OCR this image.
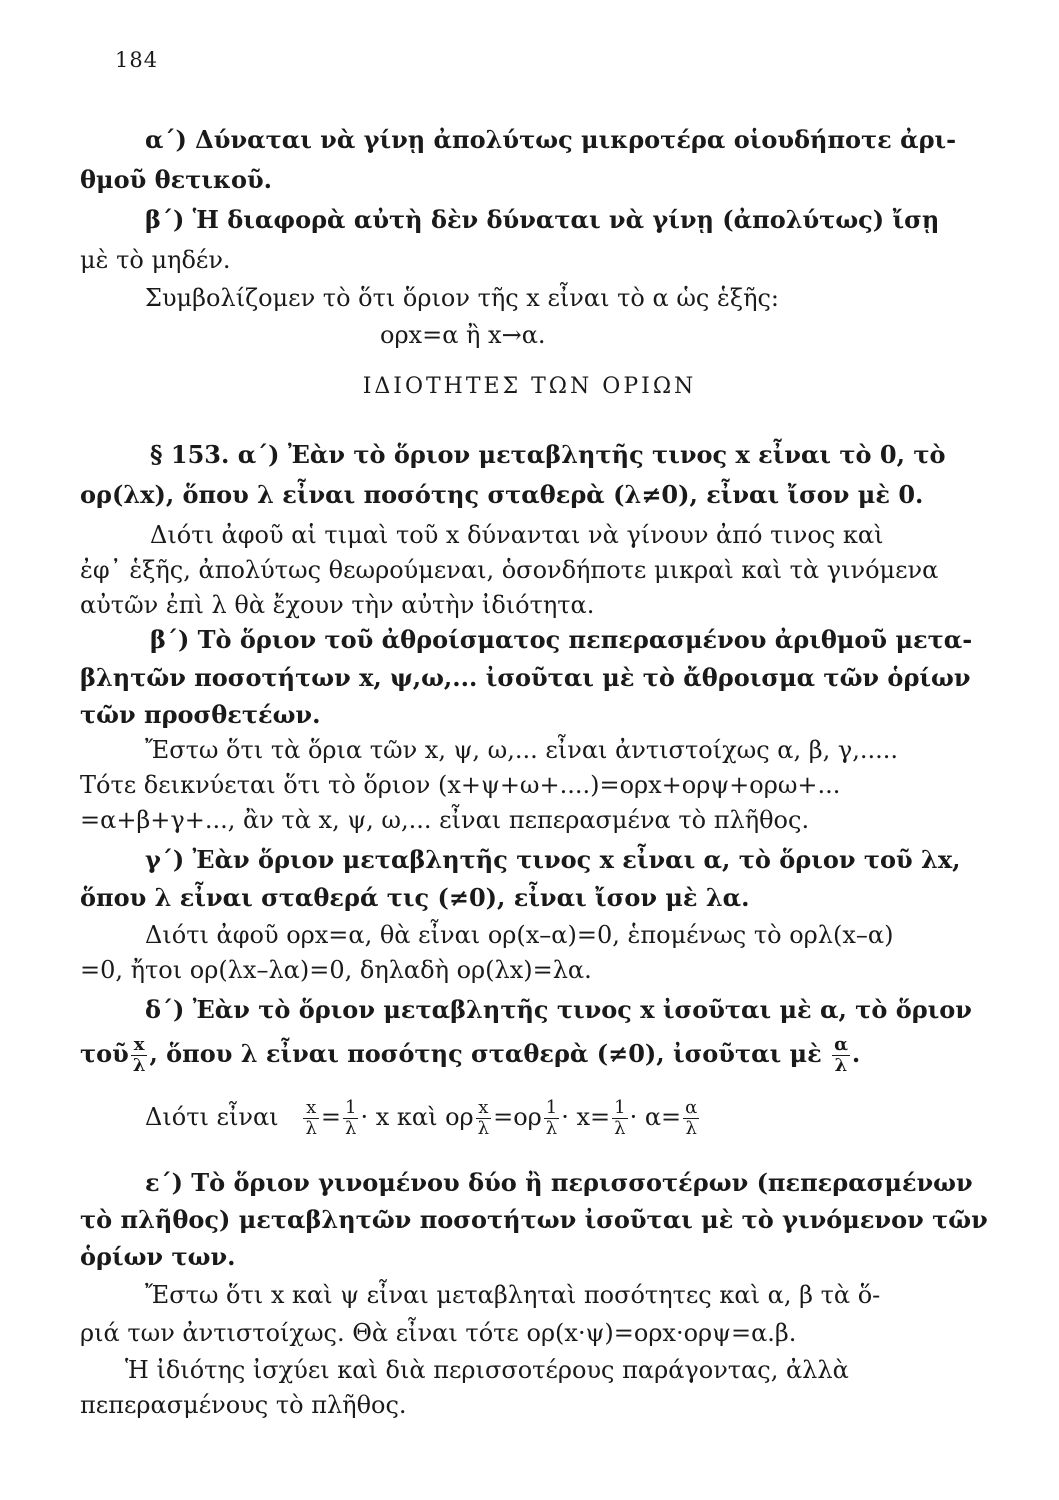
184
α΄) Δύναται νὰ γίνῃ ἀπολύτως μικροτέρα οἱουδήποτε ἀρι-
θμοῦ θετικοῦ.
β΄) Ἡ διαφορὰ αὐτὴ δὲν δύναται νὰ γίνῃ (ἀπολύτως) ἴσῃ
μὲ τὸ μηδέν.
Συμβολίζομεν τὸ ὅτι ὅριον τῆς x εἶναι τὸ α ὡς ἑξῆς:
ορx=α ἢ x→α.
ΙΔΙΟΤΗΤΕΣ ΤΩΝ ΟΡΙΩΝ
§ 153. α΄) Ἐὰν τὸ ὅριον μεταβλητῆς τινος x εἶναι τὸ 0, τὸ
ορ(λx), ὅπου λ εἶναι ποσότης σταθερὰ (λ≠0), εἶναι ἴσον μὲ 0.
Διότι ἀφοῦ αἱ τιμαὶ τοῦ x δύνανται νὰ γίνουν ἀπό τινος καὶ
ἐφ᾿ ἑξῆς, ἀπολύτως θεωρούμεναι, ὁσονδήποτε μικραὶ καὶ τὰ γινόμενα
αὐτῶν ἐπὶ λ θὰ ἔχουν τὴν αὐτὴν ἰδιότητα.
β΄) Τὸ ὅριον τοῦ ἀθροίσματος πεπερασμένου ἀριθμοῦ μετα-
βλητῶν ποσοτήτων x, ψ,ω,... ἰσοῦται μὲ τὸ ἄθροισμα τῶν ὁρίων
τῶν προσθετέων.
Ἔστω ὅτι τὰ ὅρια τῶν x, ψ, ω,... εἶναι ἀντιστοίχως α, β, γ,.....
Τότε δεικνύεται ὅτι τὸ ὅριον (x+ψ+ω+....)=ορx+ορψ+ορω+...
=α+β+γ+..., ἂν τὰ x, ψ, ω,... εἶναι πεπερασμένα τὸ πλῆθος.
γ΄) Ἐὰν ὅριον μεταβλητῆς τινος x εἶναι α, τὸ ὅριον τοῦ λx,
ὅπου λ εἶναι σταθερά τις (≠0), εἶναι ἴσον μὲ λα.
Διότι ἀφοῦ ορx=α, θὰ εἶναι ορ(x–α)=0, ἑπομένως τὸ ορλ(x–α)
=0, ἤτοι ορ(λx–λα)=0, δηλαδὴ ορ(λx)=λα.
δ΄) Ἐὰν τὸ ὅριον μεταβλητῆς τινος x ἰσοῦται μὲ α, τὸ ὅριον
τοῦ $\frac{x}{\lambda}$ , ὅπου λ εἶναι ποσότης σταθερὰ (≠0), ἰσοῦται μὲ $\frac{\alpha}{\lambda}$ .
Διότι εἶναι $\frac{x}{\lambda} = \frac{1}{\lambda} \cdot x$ καὶ ορ $\frac{x}{\lambda} =o\rho \frac{1}{\lambda} \cdot x= \frac{1}{\lambda} \cdot \alpha= \frac{\alpha}{\lambda}$
ε΄) Τὸ ὅριον γινομένου δύο ἢ περισσοτέρων (πεπερασμένων
τὸ πλῆθος) μεταβλητῶν ποσοτήτων ἰσοῦται μὲ τὸ γινόμενον τῶν
ὁρίων των.
Ἔστω ὅτι x καὶ ψ εἶναι μεταβληταὶ ποσότητες καὶ α, β τὰ ὅ-
ριά των ἀντιστοίχως. Θὰ εἶναι τότε ορ(x·ψ)=ορx·ορψ=α.β.
Ἡ ἰδιότης ἰσχύει καὶ διὰ περισσοτέρους παράγοντας, ἀλλὰ
πεπερασμένους τὸ πλῆθος.
